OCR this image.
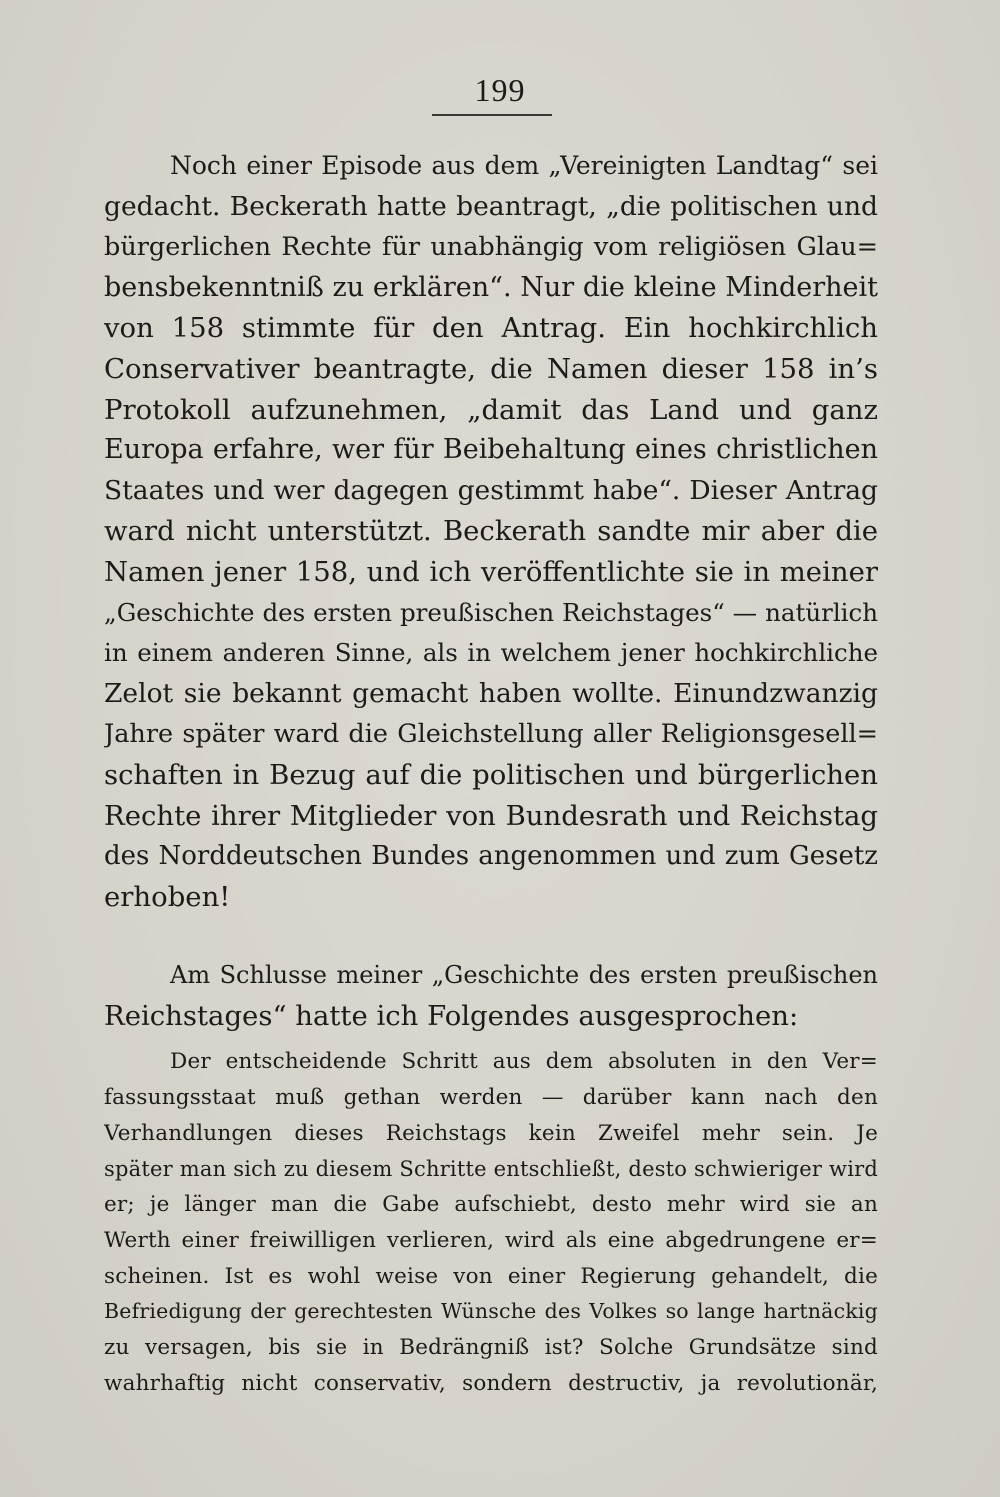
199
Noch einer Episode aus dem „Vereinigten Landtag“ sei
gedacht. Beckerath hatte beantragt, „die politischen und
bürgerlichen Rechte für unabhängig vom religiösen Glau=
bensbekenntniß zu erklären“. Nur die kleine Minderheit
von 158 stimmte für den Antrag. Ein hochkirchlich
Conservativer beantragte, die Namen dieser 158 in’s
Protokoll aufzunehmen, „damit das Land und ganz
Europa erfahre, wer für Beibehaltung eines christlichen
Staates und wer dagegen gestimmt habe“. Dieser Antrag
ward nicht unterstützt. Beckerath sandte mir aber die
Namen jener 158, und ich veröffentlichte sie in meiner
„Geschichte des ersten preußischen Reichstages“ — natürlich
in einem anderen Sinne, als in welchem jener hochkirchliche
Zelot sie bekannt gemacht haben wollte. Einundzwanzig
Jahre später ward die Gleichstellung aller Religionsgesell=
schaften in Bezug auf die politischen und bürgerlichen
Rechte ihrer Mitglieder von Bundesrath und Reichstag
des Norddeutschen Bundes angenommen und zum Gesetz
erhoben!
Am Schlusse meiner „Geschichte des ersten preußischen
Reichstages“ hatte ich Folgendes ausgesprochen:
Der entscheidende Schritt aus dem absoluten in den Ver=
fassungsstaat muß gethan werden — darüber kann nach den
Verhandlungen dieses Reichstags kein Zweifel mehr sein. Je
später man sich zu diesem Schritte entschließt, desto schwieriger wird
er; je länger man die Gabe aufschiebt, desto mehr wird sie an
Werth einer freiwilligen verlieren, wird als eine abgedrungene er=
scheinen. Ist es wohl weise von einer Regierung gehandelt, die
Befriedigung der gerechtesten Wünsche des Volkes so lange hartnäckig
zu versagen, bis sie in Bedrängniß ist? Solche Grundsätze sind
wahrhaftig nicht conservativ, sondern destructiv, ja revolutionär,
